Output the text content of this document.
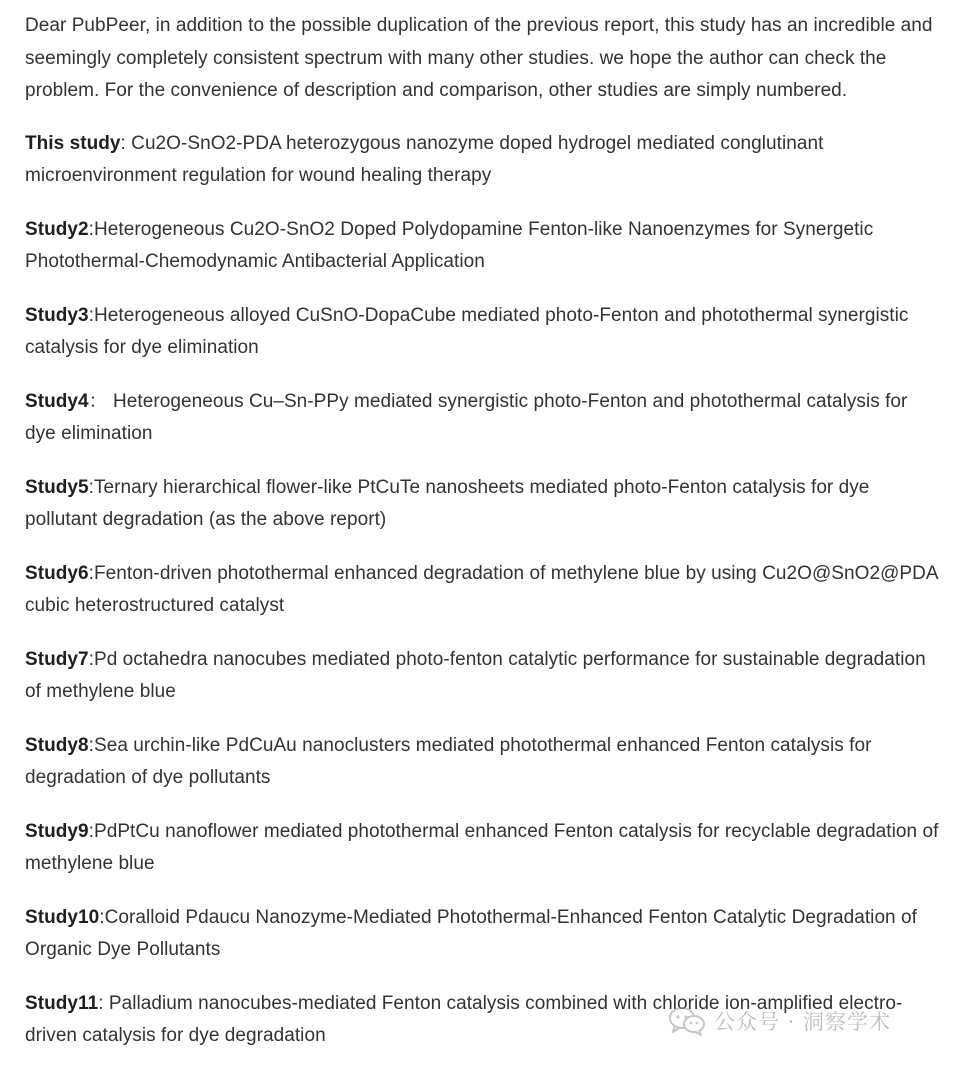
Dear PubPeer, in addition to the possible duplication of the previous report, this study has an incredible and seemingly completely consistent spectrum with many other studies. we hope the author can check the problem. For the convenience of description and comparison, other studies are simply numbered.

This study: Cu2O-SnO2-PDA heterozygous nanozyme doped hydrogel mediated conglutinant microenvironment regulation for wound healing therapy

Study2:Heterogeneous Cu2O-SnO2 Doped Polydopamine Fenton-like Nanoenzymes for Synergetic Photothermal-Chemodynamic Antibacterial Application

Study3:Heterogeneous alloyed CuSnO-DopaCube mediated photo-Fenton and photothermal synergistic catalysis for dye elimination

Study4： Heterogeneous Cu–Sn-PPy mediated synergistic photo-Fenton and photothermal catalysis for dye elimination

Study5:Ternary hierarchical flower-like PtCuTe nanosheets mediated photo-Fenton catalysis for dye pollutant degradation (as the above report)

Study6:Fenton-driven photothermal enhanced degradation of methylene blue by using Cu2O@SnO2@PDA cubic heterostructured catalyst

Study7:Pd octahedra nanocubes mediated photo-fenton catalytic performance for sustainable degradation of methylene blue

Study8:Sea urchin-like PdCuAu nanoclusters mediated photothermal enhanced Fenton catalysis for degradation of dye pollutants

Study9:PdPtCu nanoflower mediated photothermal enhanced Fenton catalysis for recyclable degradation of methylene blue

Study10:Coralloid Pdaucu Nanozyme-Mediated Photothermal-Enhanced Fenton Catalytic Degradation of Organic Dye Pollutants

Study11: Palladium nanocubes-mediated Fenton catalysis combined with chloride ion-amplified electro-driven catalysis for dye degradation

公众号 · 洞察学术
